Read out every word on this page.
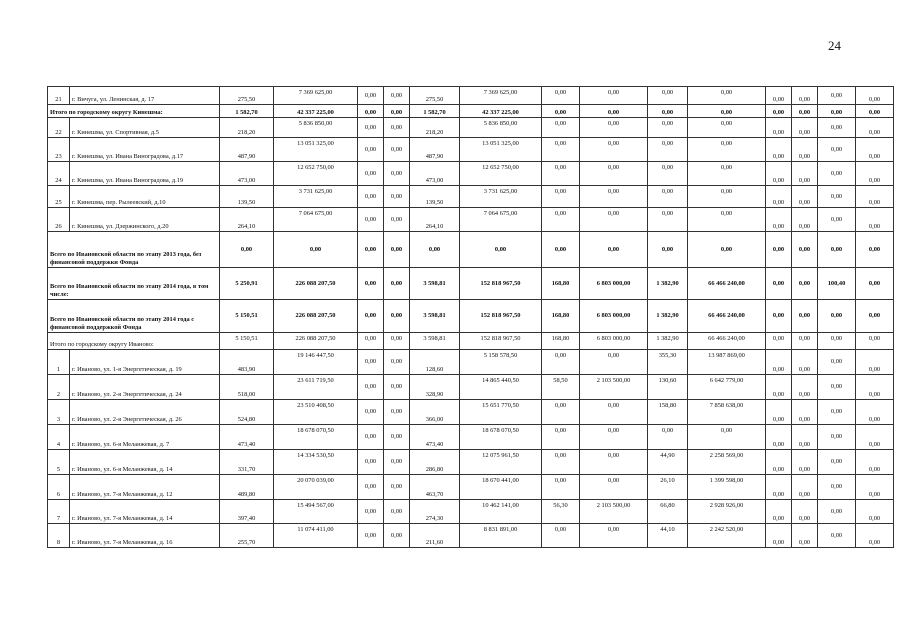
24
21	г. Вичуга, ул. Ленинская, д. 17	275,50	7 369 625,00	0,00	0,00	275,50	7 369 625,00	0,00	0,00	0,00	0,00	0,00	0,00	0,00	0,00
Итого по городскому округу Кинешма:		1 582,70	42 337 225,00	0,00	0,00	1 582,70	42 337 225,00	0,00	0,00	0,00	0,00	0,00	0,00	0,00	0,00
22	г. Кинешма, ул. Спортивная, д.5	218,20	5 836 850,00	0,00	0,00	218,20	5 836 850,00	0,00	0,00	0,00	0,00	0,00	0,00	0,00	0,00
23	г. Кинешма, ул. Ивана Виноградова, д.17	487,90	13 051 325,00	0,00	0,00	487,90	13 051 325,00	0,00	0,00	0,00	0,00	0,00	0,00	0,00	0,00
24	г. Кинешма, ул. Ивана Виноградова, д.19	473,00	12 652 750,00	0,00	0,00	473,00	12 652 750,00	0,00	0,00	0,00	0,00	0,00	0,00	0,00	0,00
25	г. Кинешма, пер. Рылеевский, д.10	139,50	3 731 625,00	0,00	0,00	139,50	3 731 625,00	0,00	0,00	0,00	0,00	0,00	0,00	0,00	0,00
26	г. Кинешма, ул. Дзержинского, д.20	264,10	7 064 675,00	0,00	0,00	264,10	7 064 675,00	0,00	0,00	0,00	0,00	0,00	0,00	0,00	0,00
Всего по Ивановской области по этапу 2013 года, без финансовой поддержки Фонда		0,00	0,00	0,00	0,00	0,00	0,00	0,00	0,00	0,00	0,00	0,00	0,00	0,00	0,00
Всего по Ивановской области по этапу 2014 года, в том числе:		5 250,91	226 088 207,50	0,00	0,00	3 598,81	152 818 967,50	168,80	6 803 000,00	1 382,90	66 466 240,00	0,00	0,00	100,40	0,00
Всего по Ивановской области по этапу 2014 года с финансовой поддержкой Фонда		5 150,51	226 088 207,50	0,00	0,00	3 598,81	152 818 967,50	168,80	6 803 000,00	1 382,90	66 466 240,00	0,00	0,00	0,00	0,00
Итого по городскому округу Иваново:		5 150,51	226 088 207,50	0,00	0,00	3 598,81	152 818 967,50	168,80	6 803 000,00	1 382,90	66 466 240,00	0,00	0,00	0,00	0,00
1	г. Иваново, ул. 1-я Энергетическая, д. 19	483,90	19 146 447,50	0,00	0,00	128,60	5 158 578,50	0,00	0,00	355,30	13 987 869,00	0,00	0,00	0,00	0,00
2	г. Иваново, ул. 2-я Энергетическая, д. 24	518,00	23 611 719,50	0,00	0,00	328,90	14 865 440,50	58,50	2 103 500,00	130,60	6 642 779,00	0,00	0,00	0,00	0,00
3	г. Иваново, ул. 2-я Энергетическая, д. 26	524,80	23 510 408,50	0,00	0,00	366,00	15 651 770,50	0,00	0,00	158,80	7 858 638,00	0,00	0,00	0,00	0,00
4	г. Иваново, ул. 6-я Меланжевая, д. 7	473,40	18 678 070,50	0,00	0,00	473,40	18 678 070,50	0,00	0,00	0,00	0,00	0,00	0,00	0,00	0,00
5	г. Иваново, ул. 6-я Меланжевая, д. 14	331,70	14 334 530,50	0,00	0,00	286,80	12 075 961,50	0,00	0,00	44,90	2 258 569,00	0,00	0,00	0,00	0,00
6	г. Иваново, ул. 7-я Меланжевая, д. 12	489,80	20 070 039,00	0,00	0,00	463,70	18 670 441,00	0,00	0,00	26,10	1 399 598,00	0,00	0,00	0,00	0,00
7	г. Иваново, ул. 7-я Меланжевая, д. 14	397,40	15 494 567,00	0,00	0,00	274,30	10 462 141,00	56,30	2 103 500,00	66,80	2 928 926,00	0,00	0,00	0,00	0,00
8	г. Иваново, ул. 7-я Меланжевая, д. 16	255,70	11 074 411,00	0,00	0,00	211,60	8 831 891,00	0,00	0,00	44,10	2 242 520,00	0,00	0,00	0,00	0,00
